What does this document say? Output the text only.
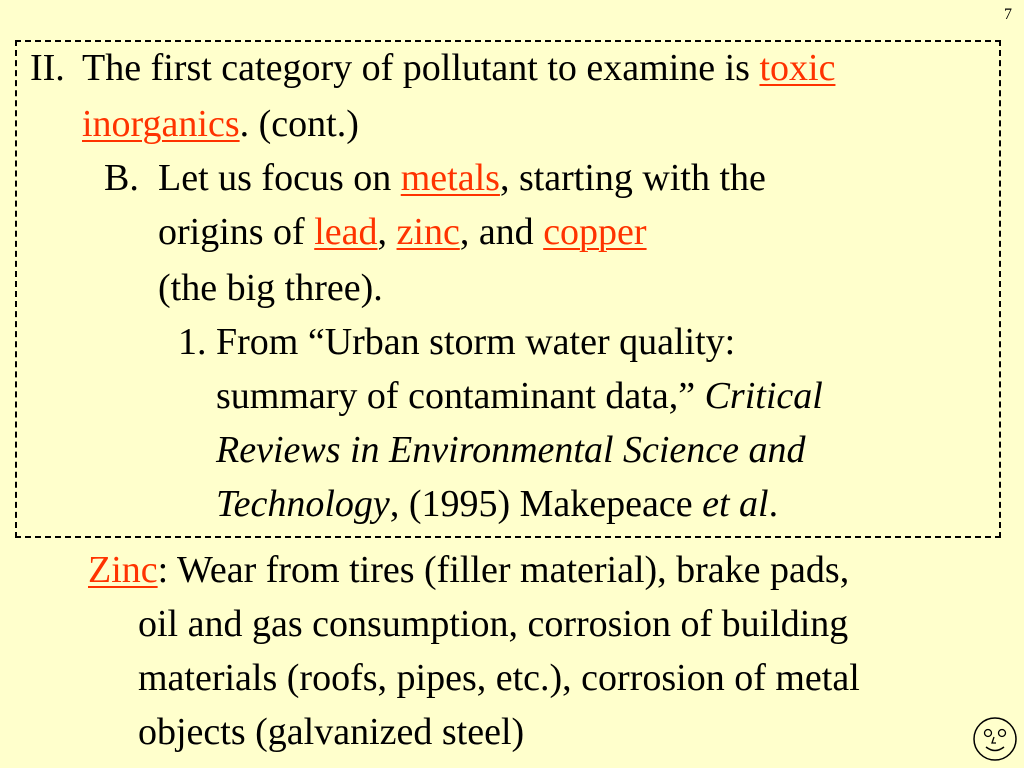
7
II. The first category of pollutant to examine is toxic
inorganics. (cont.)
B. Let us focus on metals, starting with the
origins of lead, zinc, and copper
(the big three).
1. From “Urban storm water quality:
summary of contaminant data,” Critical
Reviews in Environmental Science and
Technology, (1995) Makepeace et al.
Zinc: Wear from tires (filler material), brake pads,
oil and gas consumption, corrosion of building
materials (roofs, pipes, etc.), corrosion of metal
objects (galvanized steel)
